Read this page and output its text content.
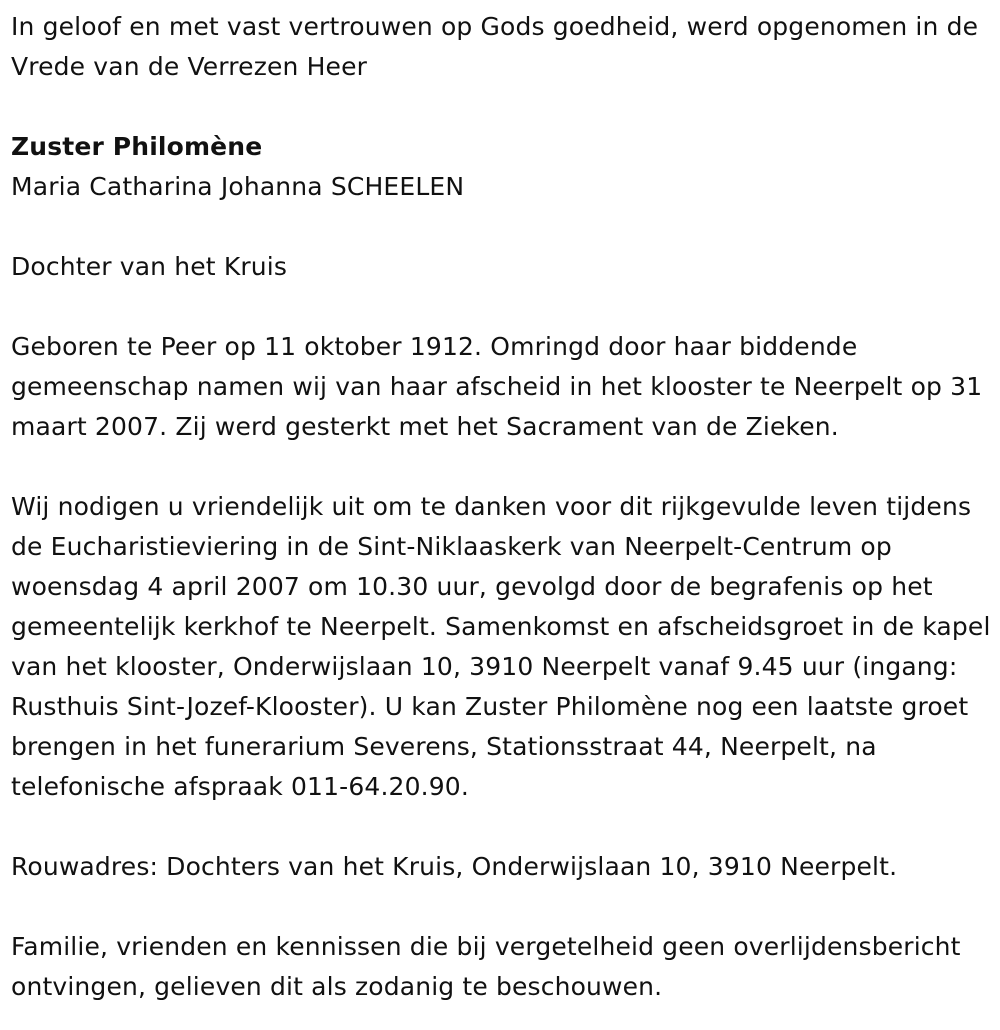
In geloof en met vast vertrouwen op Gods goedheid, werd opgenomen in de Vrede van de Verrezen Heer

Zuster Philomène

Maria Catharina Johanna SCHEELEN

Dochter van het Kruis

Geboren te Peer op 11 oktober 1912. Omringd door haar biddende gemeenschap namen wij van haar afscheid in het klooster te Neerpelt op 31 maart 2007. Zij werd gesterkt met het Sacrament van de Zieken.

Wij nodigen u vriendelijk uit om te danken voor dit rijkgevulde leven tijdens de Eucharistieviering in de Sint-Niklaaskerk van Neerpelt-Centrum op woensdag 4 april 2007 om 10.30 uur, gevolgd door de begrafenis op het gemeentelijk kerkhof te Neerpelt. Samenkomst en afscheidsgroet in de kapel van het klooster, Onderwijslaan 10, 3910 Neerpelt vanaf 9.45 uur (ingang: Rusthuis Sint-Jozef-Klooster). U kan Zuster Philomène nog een laatste groet brengen in het funerarium Severens, Stationsstraat 44, Neerpelt, na telefonische afspraak 011-64.20.90.

Rouwadres: Dochters van het Kruis, Onderwijslaan 10, 3910 Neerpelt.

Familie, vrienden en kennissen die bij vergetelheid geen overlijdensbericht ontvingen, gelieven dit als zodanig te beschouwen.
